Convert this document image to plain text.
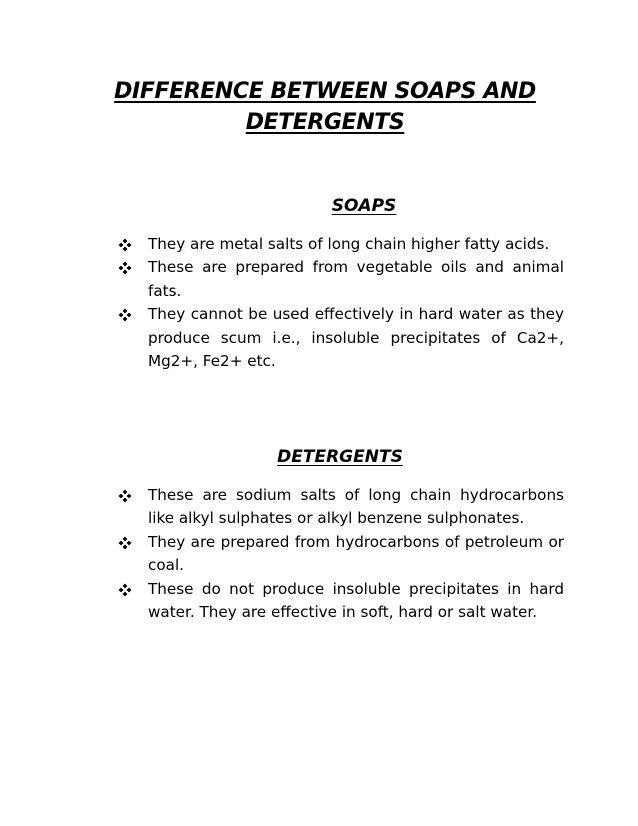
DIFFERENCE BETWEEN SOAPS AND
DETERGENTS
SOAPS
They are metal salts of long chain higher fatty acids.
These are prepared from vegetable oils and animal fats.
They cannot be used effectively in hard water as they produce scum i.e., insoluble precipitates of Ca2+, Mg2+, Fe2+ etc.
DETERGENTS
These are sodium salts of long chain hydrocarbons like alkyl sulphates or alkyl benzene sulphonates.
They are prepared from hydrocarbons of petroleum or coal.
These do not produce insoluble precipitates in hard water. They are effective in soft, hard or salt water.
